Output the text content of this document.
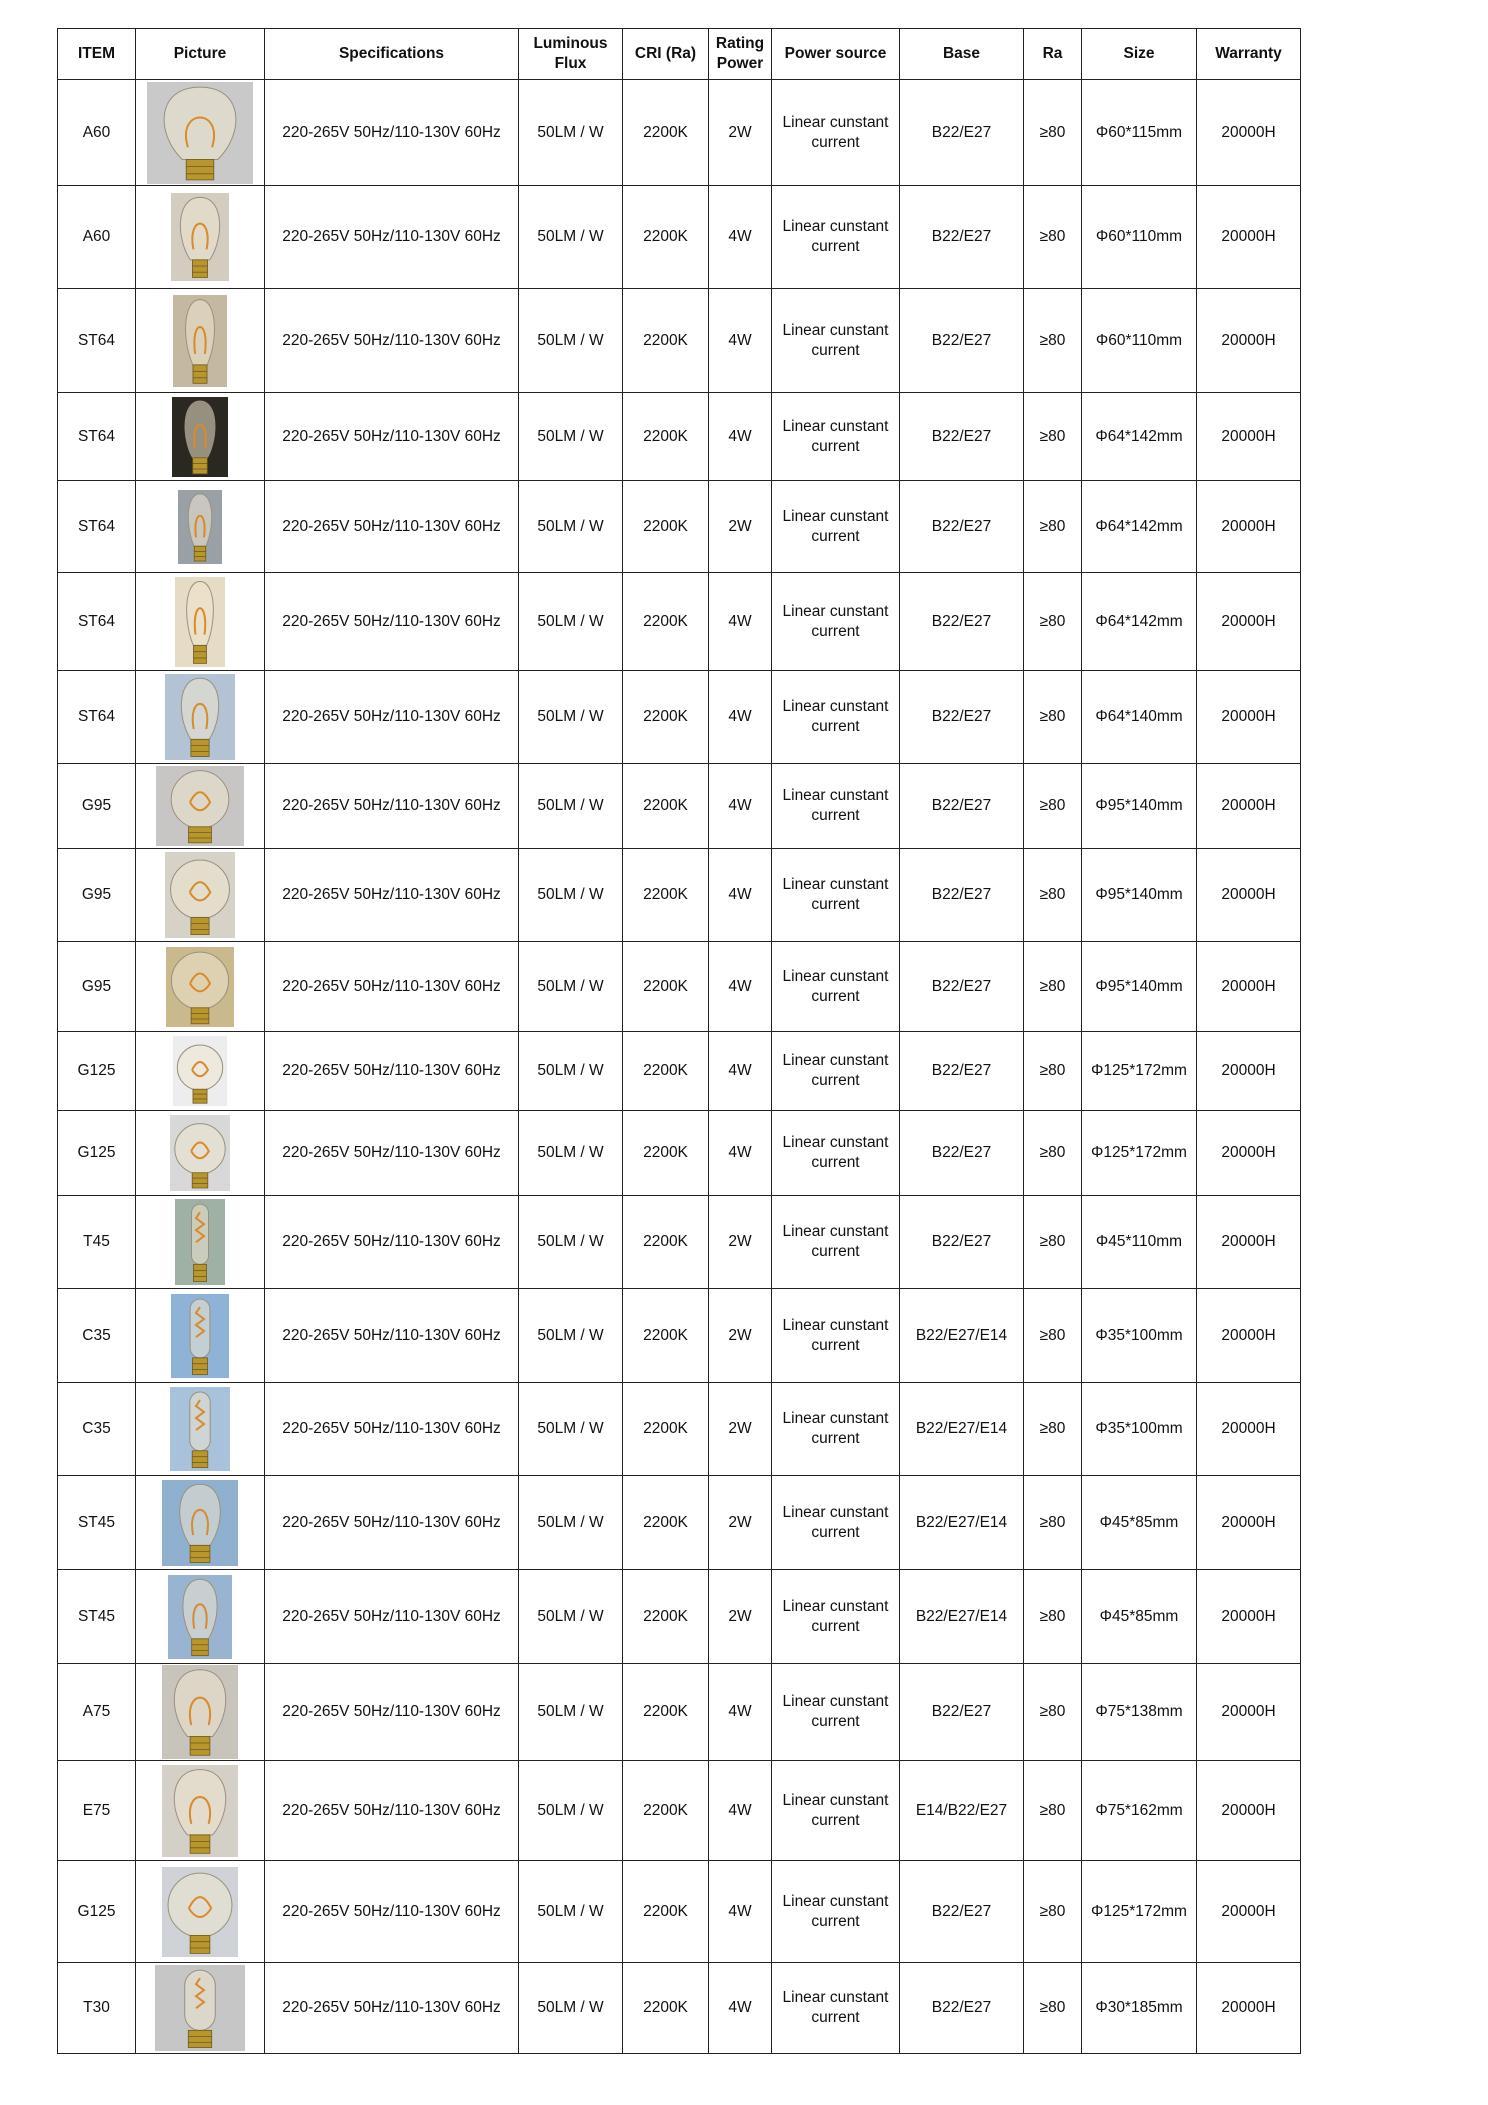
ITEM	Picture	Specifications	Luminous Flux	CRI (Ra)	Rating Power	Power source	Base	Ra	Size	Warranty
A60		220-265V 50Hz/110-130V 60Hz	50LM / W	2200K	2W	Linear cunstant current	B22/E27	≥80	Φ60*115mm	20000H
A60		220-265V 50Hz/110-130V 60Hz	50LM / W	2200K	4W	Linear cunstant current	B22/E27	≥80	Φ60*110mm	20000H
ST64		220-265V 50Hz/110-130V 60Hz	50LM / W	2200K	4W	Linear cunstant current	B22/E27	≥80	Φ60*110mm	20000H
ST64		220-265V 50Hz/110-130V 60Hz	50LM / W	2200K	4W	Linear cunstant current	B22/E27	≥80	Φ64*142mm	20000H
ST64		220-265V 50Hz/110-130V 60Hz	50LM / W	2200K	2W	Linear cunstant current	B22/E27	≥80	Φ64*142mm	20000H
ST64		220-265V 50Hz/110-130V 60Hz	50LM / W	2200K	4W	Linear cunstant current	B22/E27	≥80	Φ64*142mm	20000H
ST64		220-265V 50Hz/110-130V 60Hz	50LM / W	2200K	4W	Linear cunstant current	B22/E27	≥80	Φ64*140mm	20000H
G95		220-265V 50Hz/110-130V 60Hz	50LM / W	2200K	4W	Linear cunstant current	B22/E27	≥80	Φ95*140mm	20000H
G95		220-265V 50Hz/110-130V 60Hz	50LM / W	2200K	4W	Linear cunstant current	B22/E27	≥80	Φ95*140mm	20000H
G95		220-265V 50Hz/110-130V 60Hz	50LM / W	2200K	4W	Linear cunstant current	B22/E27	≥80	Φ95*140mm	20000H
G125		220-265V 50Hz/110-130V 60Hz	50LM / W	2200K	4W	Linear cunstant current	B22/E27	≥80	Φ125*172mm	20000H
G125		220-265V 50Hz/110-130V 60Hz	50LM / W	2200K	4W	Linear cunstant current	B22/E27	≥80	Φ125*172mm	20000H
T45		220-265V 50Hz/110-130V 60Hz	50LM / W	2200K	2W	Linear cunstant current	B22/E27	≥80	Φ45*110mm	20000H
C35		220-265V 50Hz/110-130V 60Hz	50LM / W	2200K	2W	Linear cunstant current	B22/E27/E14	≥80	Φ35*100mm	20000H
C35		220-265V 50Hz/110-130V 60Hz	50LM / W	2200K	2W	Linear cunstant current	B22/E27/E14	≥80	Φ35*100mm	20000H
ST45		220-265V 50Hz/110-130V 60Hz	50LM / W	2200K	2W	Linear cunstant current	B22/E27/E14	≥80	Φ45*85mm	20000H
ST45		220-265V 50Hz/110-130V 60Hz	50LM / W	2200K	2W	Linear cunstant current	B22/E27/E14	≥80	Φ45*85mm	20000H
A75		220-265V 50Hz/110-130V 60Hz	50LM / W	2200K	4W	Linear cunstant current	B22/E27	≥80	Φ75*138mm	20000H
E75		220-265V 50Hz/110-130V 60Hz	50LM / W	2200K	4W	Linear cunstant current	E14/B22/E27	≥80	Φ75*162mm	20000H
G125		220-265V 50Hz/110-130V 60Hz	50LM / W	2200K	4W	Linear cunstant current	B22/E27	≥80	Φ125*172mm	20000H
T30		220-265V 50Hz/110-130V 60Hz	50LM / W	2200K	4W	Linear cunstant current	B22/E27	≥80	Φ30*185mm	20000H
